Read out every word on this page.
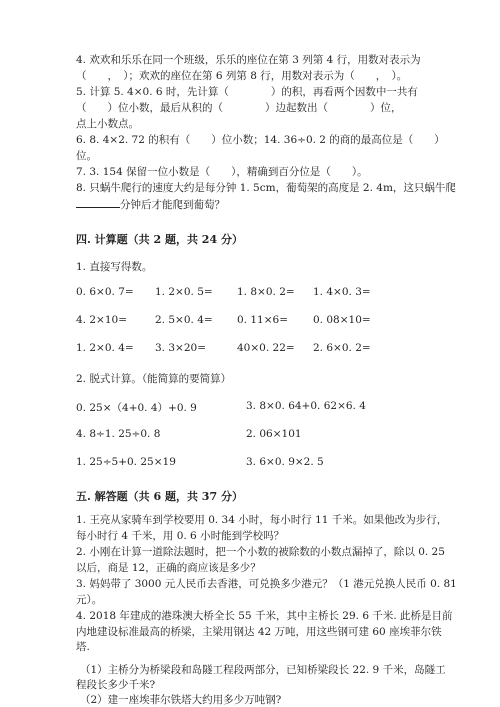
4. 欢欢和乐乐在同一个班级，乐乐的座位在第 3 列第 4 行，用数对表示为
（　　，　）；欢欢的座位在第 6 列第 8 行，用数对表示为（　　，　）。
5. 计算 5. 4×0. 6 时，先计算（　　　　）的积，再看两个因数中一共有
（　　）位小数，最后从积的（　　　　）边起数出（　　　　）位，
点上小数点。
6. 8. 4×2. 72 的积有（　　）位小数；14. 36÷0. 2 的商的最高位是（　　）
位。
7. 3. 154 保留一位小数是（　　），精确到百分位是（　　）。
8. 只蜗牛爬行的速度大约是每分钟 1. 5cm，葡萄架的高度是 2. 4m，这只蜗牛爬
分钟后才能爬到葡萄？
四. 计算题（共 2 题，共 24 分）
1. 直接写得数。
0. 6×0. 7= 1. 2×0. 5= 1. 8×0. 2= 1. 4×0. 3=
4. 2×10=	2. 5×0. 4= 0. 11×6= 0. 08×10=
1. 2×0. 4= 3. 3×20=	40×0. 22= 2. 6×0. 2=
2. 脱式计算。（能简算的要简算）
0. 25×（4+0. 4）+0. 9	3. 8×0. 64+0. 62×6. 4
4. 8÷1. 25÷0. 8	2. 06×101
1. 25÷5+0. 25×19	3. 6×0. 9×2. 5
五. 解答题（共 6 题，共 37 分）
1. 王亮从家骑车到学校要用 0. 34 小时，每小时行 11 千米。如果他改为步行，
每小时行 4 千米，用 0. 6 小时能到学校吗？
2. 小刚在计算一道除法题时，把一个小数的被除数的小数点漏掉了，除以 0. 25
以后，商是 12，正确的商应该是多少？
3. 妈妈带了 3000 元人民币去香港，可兑换多少港元？（1 港元兑换人民币 0. 81
元）。
4. 2018 年建成的港珠澳大桥全长 55 千米，其中主桥长 29. 6 千米. 此桥是目前
内地建设标准最高的桥梁，主梁用钢达 42 万吨，用这些钢可建 60 座埃菲尔铁
塔.
（1）主桥分为桥梁段和岛隧工程段两部分，已知桥梁段长 22. 9 千米，岛隧工
程段长多少千米?
（2）建一座埃菲尔铁塔大约用多少万吨钢?
